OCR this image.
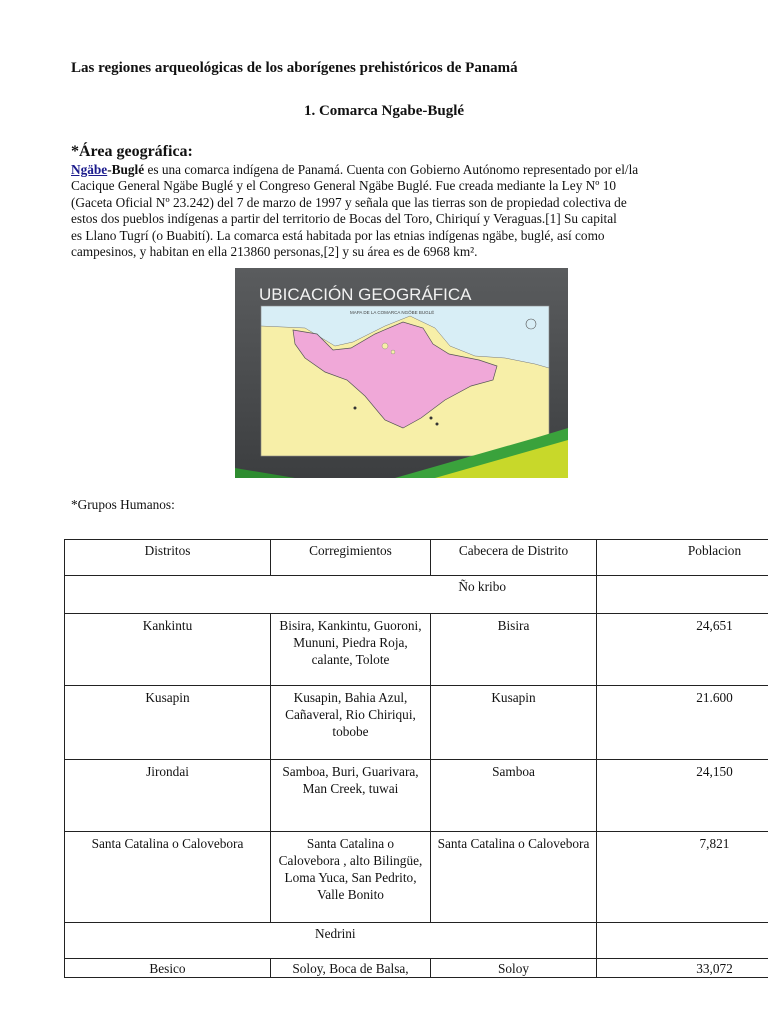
Las regiones arqueológicas de los aborígenes prehistóricos de Panamá
1. Comarca Ngabe-Buglé
*Área geográfica:
Ngäbe-Buglé es una comarca indígena de Panamá. Cuenta con Gobierno Autónomo representado por el/la
Cacique General Ngäbe Buglé y el Congreso General Ngäbe Buglé. Fue creada mediante la Ley Nº 10
(Gaceta Oficial Nº 23.242) del 7 de marzo de 1997 y señala que las tierras son de propiedad colectiva de
estos dos pueblos indígenas a partir del territorio de Bocas del Toro, Chiriquí y Veraguas.[1] Su capital
es Llano Tugrí (o Buabití). La comarca está habitada por las etnias indígenas ngäbe, buglé, así como
campesinos, y habitan en ella 213860 personas,[2] y su área es de 6968 km².
UBICACIÓN GEOGRÁFICA
MAPA DE LA COMARCA NGÖBE BUGLÉ
*Grupos Humanos:
Distritos	Corregimientos	Cabecera de Distrito	Poblacion
Ño kribo			
Kankintu	Bisira, Kankintu, Guoroni, Mununi, Piedra Roja, calante, Tolote	Bisira	24,651
Kusapin	Kusapin, Bahia Azul, Cañaveral, Rio Chiriqui, tobobe	Kusapin	21.600
Jirondai	Samboa, Buri, Guarivara, Man Creek, tuwai	Samboa	24,150
Santa Catalina o Calovebora	Santa Catalina o Calovebora , alto Bilingüe, Loma Yuca, San Pedrito, Valle Bonito	Santa Catalina o Calovebora	7,821
Nedrini			
Besico	Soloy, Boca de Balsa,	Soloy	33,072
